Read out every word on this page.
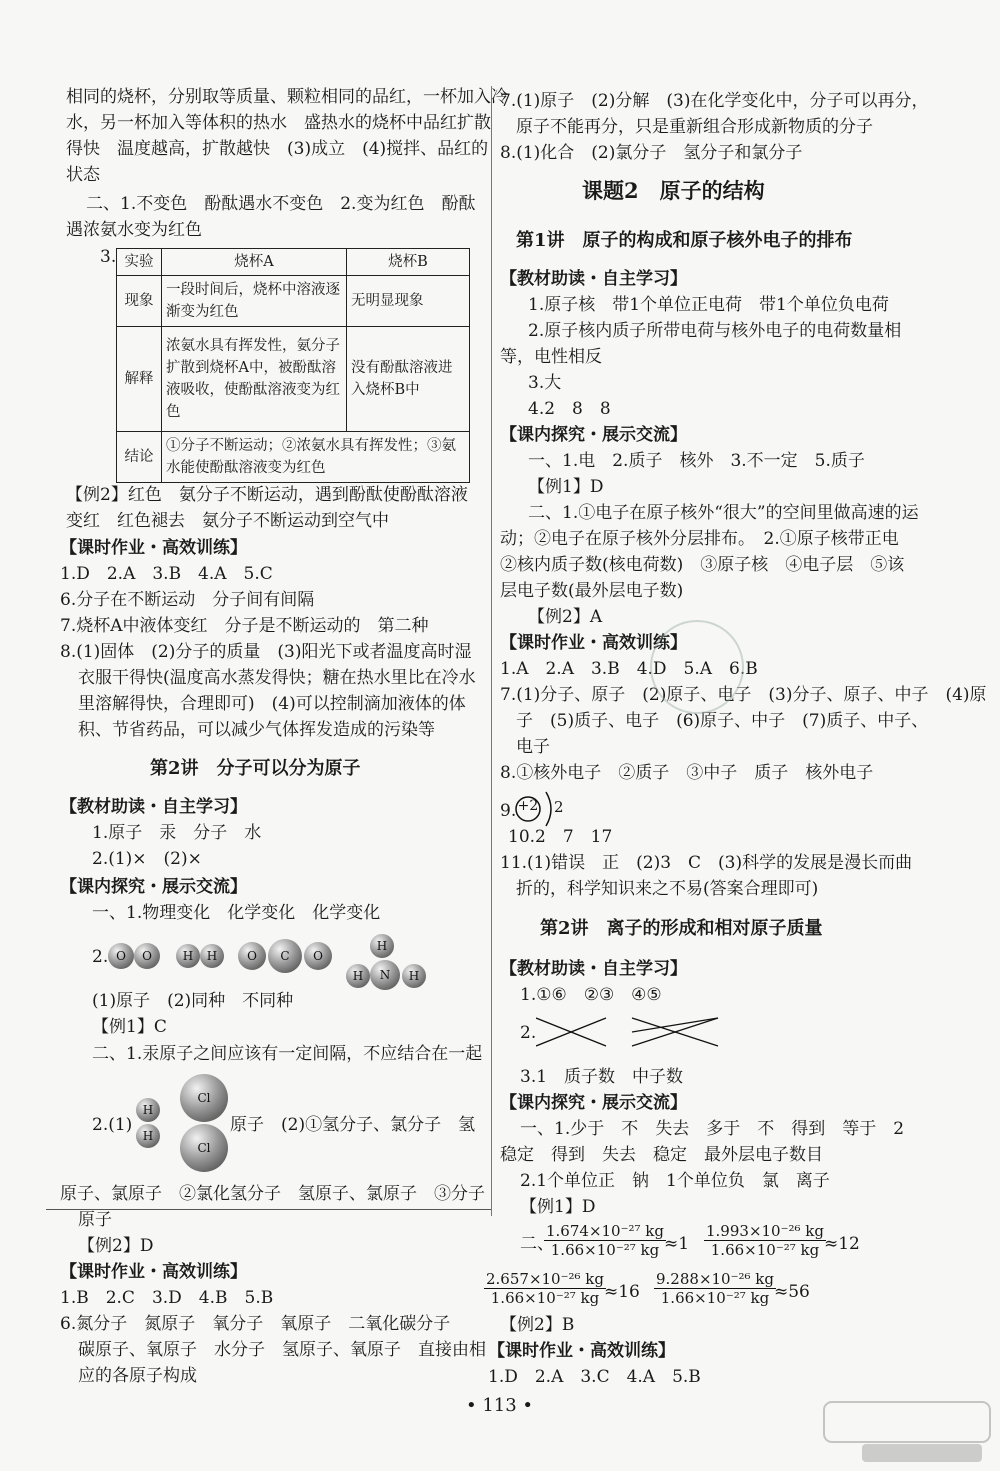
相同的烧杯，分别取等质量、颗粒相同的品红，一杯加入冷
水，另一杯加入等体积的热水　盛热水的烧杯中品红扩散
得快　温度越高，扩散越快　(3)成立　(4)搅拌、品红的
状态
二、1.不变色　酚酞遇水不变色　2.变为红色　酚酞
遇浓氨水变为红色
3. 实验	烧杯A	烧杯B
现象	一段时间后，烧杯中溶液逐渐变为红色	无明显现象
解释	浓氨水具有挥发性，氨分子扩散到烧杯A中，被酚酞溶液吸收，使酚酞溶液变为红色	没有酚酞溶液进入烧杯B中
结论	①分子不断运动；②浓氨水具有挥发性；③氨水能使酚酞溶液变为红色	
【例2】红色　氨分子不断运动，遇到酚酞使酚酞溶液
变红　红色褪去　氨分子不断运动到空气中
【课时作业・高效训练】
1.D　2.A　3.B　4.A　5.C
6.分子在不断运动　分子间有间隔
7.烧杯A中液体变红　分子是不断运动的　第二种
8.(1)固体　(2)分子的质量　(3)阳光下或者温度高时湿
衣服干得快(温度高水蒸发得快；糖在热水里比在冷水
里溶解得快，合理即可)　(4)可以控制滴加液体的体
积、节省药品，可以减少气体挥发造成的污染等
第2讲　分子可以分为原子
【教材助读・自主学习】
1.原子　汞　分子　水
2.(1)×　(2)×
【课内探究・展示交流】
一、1.物理变化　化学变化　化学变化
2. O	O	H	H	O	C	O
H
H	N	H
(1)原子　(2)同种　不同种
【例1】C
二、1.汞原子之间应该有一定间隔，不应结合在一起
2.(1)
H
H
Cl
Cl
原子　(2)①氢分子、氯分子　氢
原子、氯原子　②氯化氢分子　氢原子、氯原子　③分子
原子
【例2】D
【课时作业・高效训练】
1.B　2.C　3.D　4.B　5.B
6.氮分子　氮原子　氧分子　氧原子　二氧化碳分子
碳原子、氧原子　水分子　氢原子、氧原子　直接由相
应的各原子构成
7.(1)原子　(2)分解　(3)在化学变化中，分子可以再分，
原子不能再分，只是重新组合形成新物质的分子
8.(1)化合　(2)氯分子　氢分子和氯分子
课题2　原子的结构
第1讲　原子的构成和原子核外电子的排布
【教材助读・自主学习】
1.原子核　带1个单位正电荷　带1个单位负电荷
2.原子核内质子所带电荷与核外电子的电荷数量相
等，电性相反
3.大
4.2　8　8
【课内探究・展示交流】
一、1.电　2.质子　核外　3.不一定　5.质子
【例1】D
二、1.①电子在原子核外“很大”的空间里做高速的运
动；②电子在原子核外分层排布。　2.①原子核带正电
②核内质子数(核电荷数)　③原子核　④电子层　⑤该
层电子数(最外层电子数)
【例2】A
【课时作业・高效训练】
1.A　2.A　3.B　4.D　5.A　6.B
7.(1)分子、原子　(2)原子、电子　(3)分子、原子、中子　(4)原
子　(5)质子、电子　(6)原子、中子　(7)质子、中子、
电子
8.①核外电子　②质子　③中子　质子　核外电子
9. +2 2
10.2　7　17
11.(1)错误　正　(2)3　C　(3)科学的发展是漫长而曲
折的，科学知识来之不易(答案合理即可)
第2讲　离子的形成和相对原子质量
【教材助读・自主学习】
1.①⑥　②③　④⑤
2.
3.1　质子数　中子数
【课内探究・展示交流】
一、1.少于　不　失去　多于　不　得到　等于　2
稳定　得到　失去　稳定　最外层电子数目
2.1个单位正　钠　1个单位负　氯　离子
【例1】D
二、
$\frac{\text{1.674×10⁻²⁷ kg}}{\text{1.66×10⁻²⁷ kg}}$
$\approx 1 \frac{\text{1.993×10⁻²⁶ kg}}{\text{1.66×10⁻²⁷ kg}}$
≈12
$\frac{\text{2.657×10⁻²⁶ kg}}{\text{1.66×10⁻²⁷ kg}}$
$\approx 16 \frac{\text{9.288×10⁻²⁶ kg}}{\text{1.66×10⁻²⁷ kg}}$
≈56
【例2】B
【课时作业・高效训练】
1.D　2.A　3.C　4.A　5.B
• 113 •
